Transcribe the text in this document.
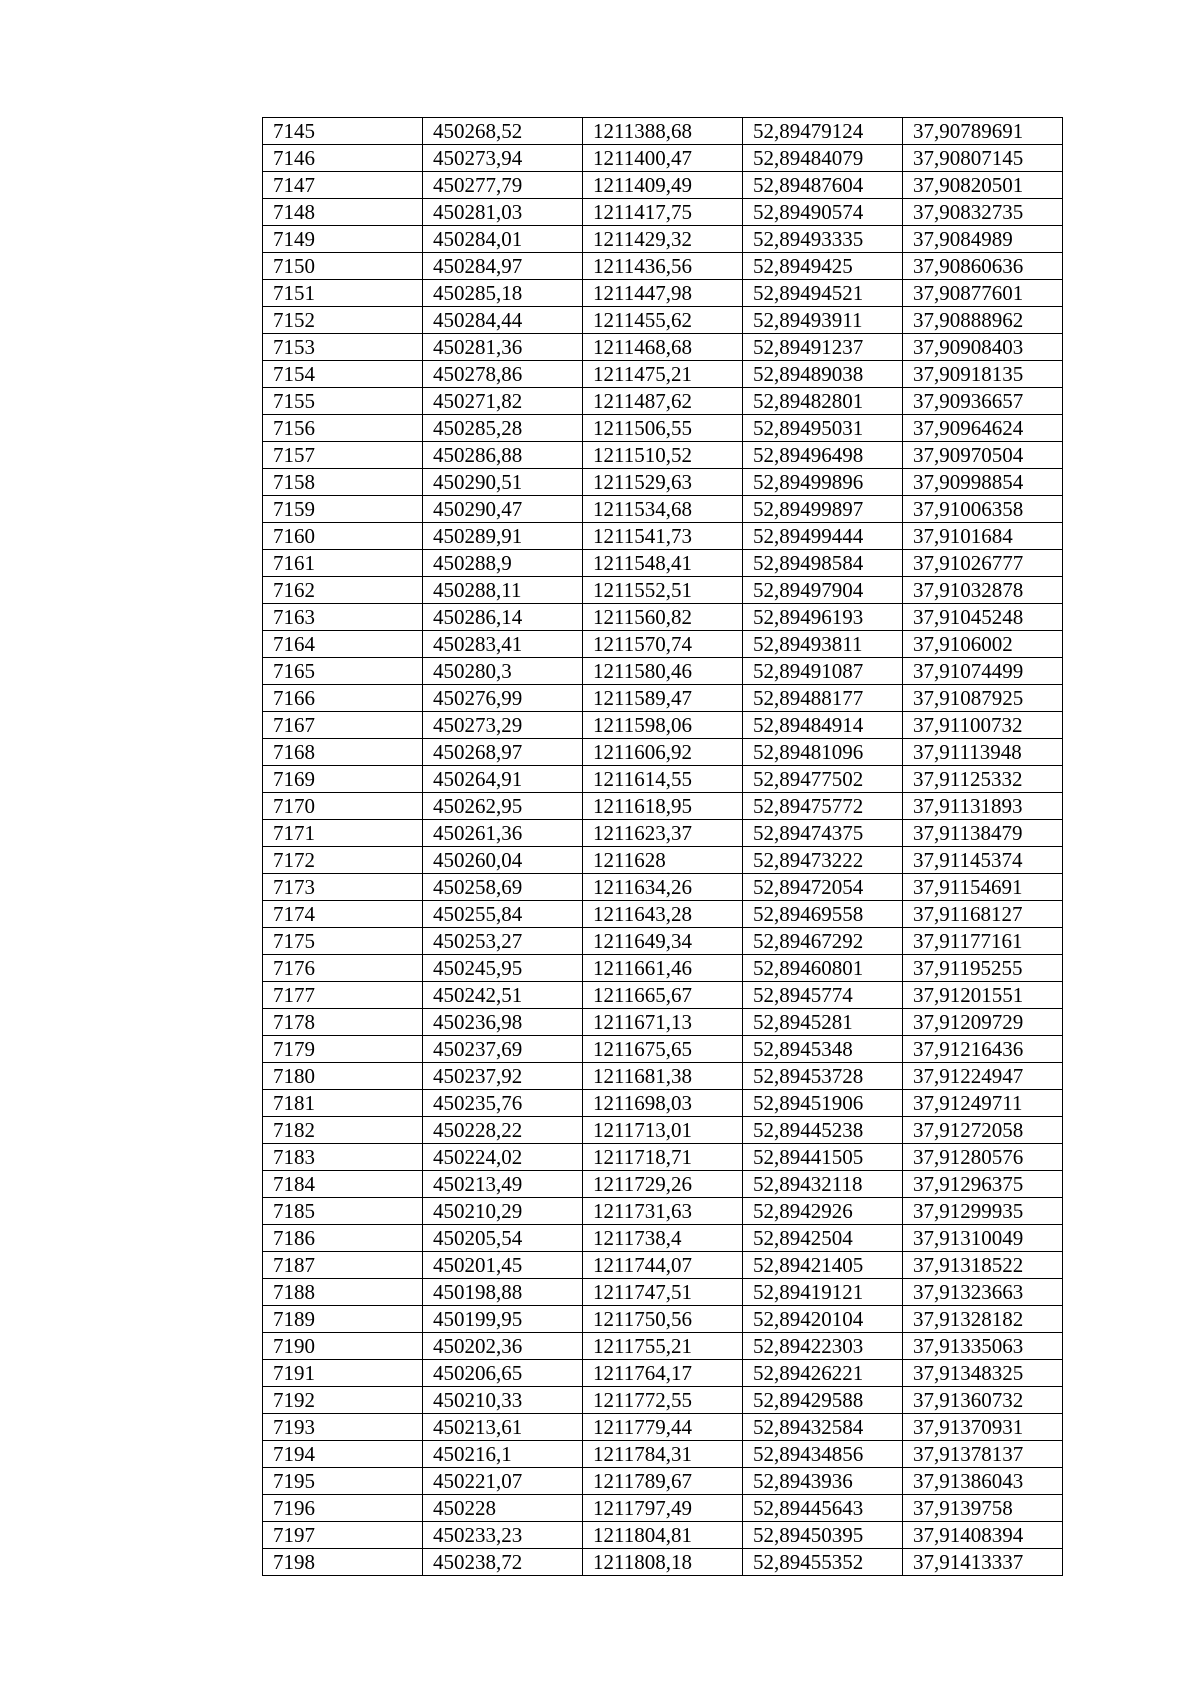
7145	450268,52	1211388,68	52,89479124	37,90789691
7146	450273,94	1211400,47	52,89484079	37,90807145
7147	450277,79	1211409,49	52,89487604	37,90820501
7148	450281,03	1211417,75	52,89490574	37,90832735
7149	450284,01	1211429,32	52,89493335	37,9084989
7150	450284,97	1211436,56	52,8949425	37,90860636
7151	450285,18	1211447,98	52,89494521	37,90877601
7152	450284,44	1211455,62	52,89493911	37,90888962
7153	450281,36	1211468,68	52,89491237	37,90908403
7154	450278,86	1211475,21	52,89489038	37,90918135
7155	450271,82	1211487,62	52,89482801	37,90936657
7156	450285,28	1211506,55	52,89495031	37,90964624
7157	450286,88	1211510,52	52,89496498	37,90970504
7158	450290,51	1211529,63	52,89499896	37,90998854
7159	450290,47	1211534,68	52,89499897	37,91006358
7160	450289,91	1211541,73	52,89499444	37,9101684
7161	450288,9	1211548,41	52,89498584	37,91026777
7162	450288,11	1211552,51	52,89497904	37,91032878
7163	450286,14	1211560,82	52,89496193	37,91045248
7164	450283,41	1211570,74	52,89493811	37,9106002
7165	450280,3	1211580,46	52,89491087	37,91074499
7166	450276,99	1211589,47	52,89488177	37,91087925
7167	450273,29	1211598,06	52,89484914	37,91100732
7168	450268,97	1211606,92	52,89481096	37,91113948
7169	450264,91	1211614,55	52,89477502	37,91125332
7170	450262,95	1211618,95	52,89475772	37,91131893
7171	450261,36	1211623,37	52,89474375	37,91138479
7172	450260,04	1211628	52,89473222	37,91145374
7173	450258,69	1211634,26	52,89472054	37,91154691
7174	450255,84	1211643,28	52,89469558	37,91168127
7175	450253,27	1211649,34	52,89467292	37,91177161
7176	450245,95	1211661,46	52,89460801	37,91195255
7177	450242,51	1211665,67	52,8945774	37,91201551
7178	450236,98	1211671,13	52,8945281	37,91209729
7179	450237,69	1211675,65	52,8945348	37,91216436
7180	450237,92	1211681,38	52,89453728	37,91224947
7181	450235,76	1211698,03	52,89451906	37,91249711
7182	450228,22	1211713,01	52,89445238	37,91272058
7183	450224,02	1211718,71	52,89441505	37,91280576
7184	450213,49	1211729,26	52,89432118	37,91296375
7185	450210,29	1211731,63	52,8942926	37,91299935
7186	450205,54	1211738,4	52,8942504	37,91310049
7187	450201,45	1211744,07	52,89421405	37,91318522
7188	450198,88	1211747,51	52,89419121	37,91323663
7189	450199,95	1211750,56	52,89420104	37,91328182
7190	450202,36	1211755,21	52,89422303	37,91335063
7191	450206,65	1211764,17	52,89426221	37,91348325
7192	450210,33	1211772,55	52,89429588	37,91360732
7193	450213,61	1211779,44	52,89432584	37,91370931
7194	450216,1	1211784,31	52,89434856	37,91378137
7195	450221,07	1211789,67	52,8943936	37,91386043
7196	450228	1211797,49	52,89445643	37,9139758
7197	450233,23	1211804,81	52,89450395	37,91408394
7198	450238,72	1211808,18	52,89455352	37,91413337
